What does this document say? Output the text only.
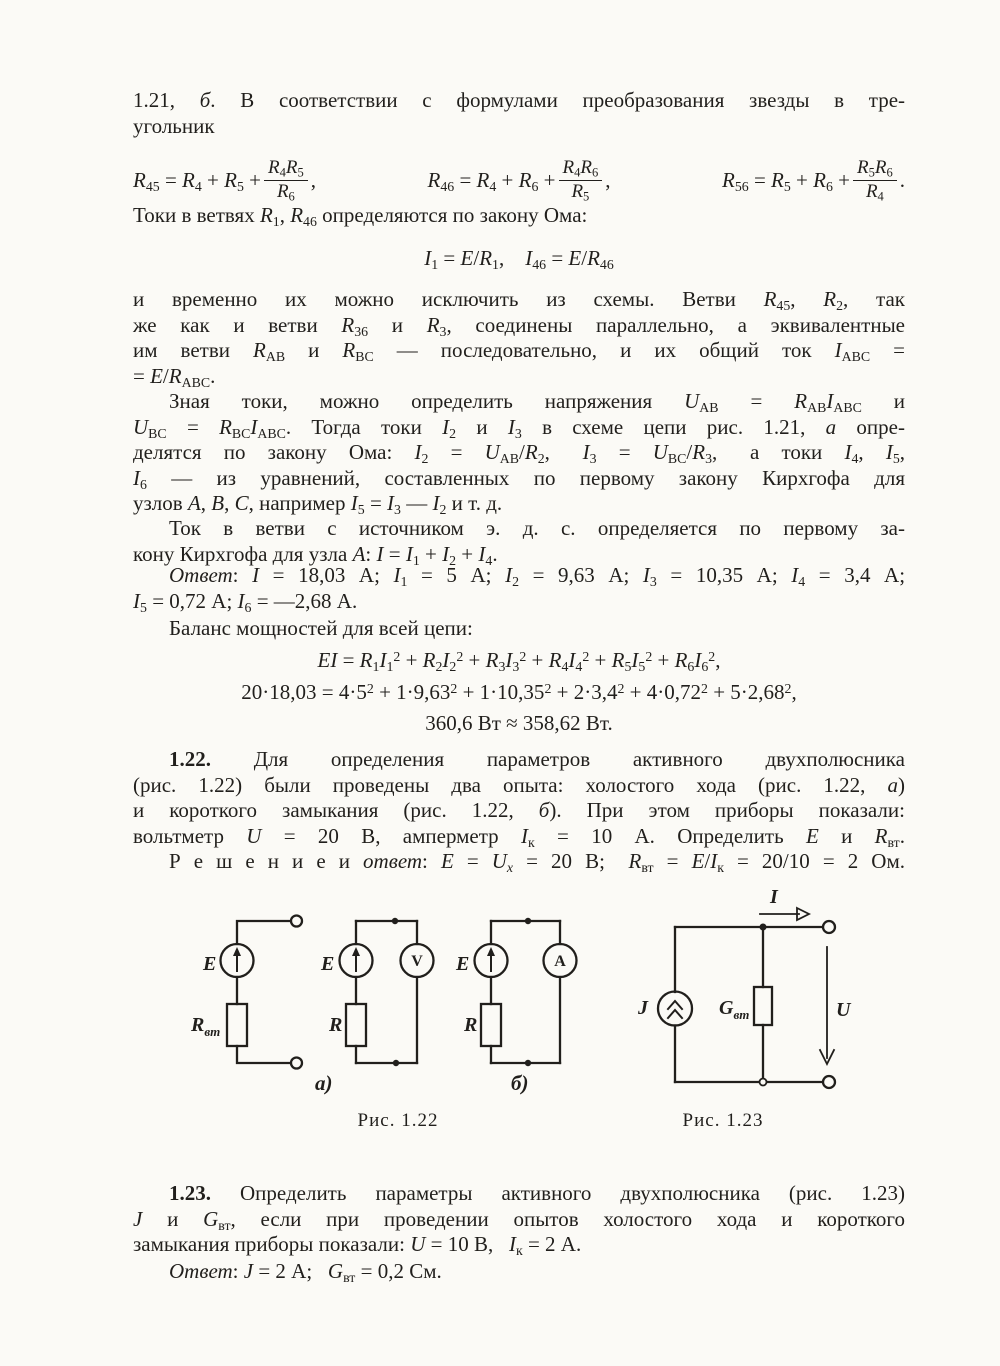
1.21, б. В соответствии с формулами преобразования звезды в тре-
угольник
$R_{45} = R_4 + R_5 + \frac{R_4R_5}{R_6}$ ,	$R_{46} = R_4 + R_6 + \frac{R_4R_6}{R_5}$ ,	$R_{56} = R_5 + R_6 + \frac{R_5R_6}{R_4}$ .
Токи в ветвях $R_1$, $R_{46}$ определяются по закону Ома:
$I_1 = E/R_1$, $I_{46} = E/R_{46}$
и временно их можно исключить из схемы. Ветви $R_{45}$, $R_2$, так
же как и ветви $R_{36}$ и $R_3$, соединены параллельно, а эквивалентные
им ветви $R_{AB}$ и $R_{BC}$ — последовательно, и их общий ток $I_{ABC}$ =
= $E/R_{ABC}$.
Зная токи, можно определить напряжения $U_{AB} = R_{AB}I_{ABC}$ и
$U_{BC} = R_{BC}I_{ABC}$. Тогда токи $I_2$ и $I_3$ в схеме цепи рис. 1.21, а опре-
делятся по закону Ома: $I_2 = U_{AB}/R_2$,  $I_3 = U_{BC}/R_3$,  а токи $I_4$, $I_5$,
$I_6$ — из уравнений, составленных по первому закону Кирхгофа для
узлов A, B, C, например $I_5 = I_3$ — $I_2$ и т. д.
Ток в ветви с источником э. д. с. определяется по первому за-
кону Кирхгофа для узла A: $I = I_1 + I_2 + I_4$.
Ответ: I = 18,03 А; $I_1 = 5$ А; $I_2 = 9,63$ А; $I_3 = 10,35$ А; $I_4 = 3,4$ А;
$I_5 = 0,72$ А; $I_6$ = —2,68 А.
Баланс мощностей для всей цепи:
EI = $R_1I_1^2 + R_2I_2^2 + R_3I_3^2 + R_4I_4^2 + R_5I_5^2 + R_6I_6^2$,
$20\cdot 18,03 = 4\cdot 5^2 + 1\cdot 9,63^2 + 1\cdot 10,35^2 + 2\cdot 3,4^2 + 4\cdot 0,72^2 + 5\cdot 2,68^2$,
360,6 Вт ≈ 358,62 Вт.
1.22. Для определения параметров активного двухполюсника
(рис. 1.22) были проведены два опыта: холостого хода (рис. 1.22, а)
и короткого замыкания (рис. 1.22, б). При этом приборы показали:
вольтметр U = 20 В, амперметр $I_к = 10$ А. Определить E и $R_{вт}$.
Р е ш е н и е и ответ: $E = U_x = 20$ В;  $R_{вт} = E/I_к = 20/10 = 2$ Ом.
E
$R_{вт}$
E
R
V
а)
E
R
A
б)
J	$G_{вт}$
I
U
Рис. 1.22	Рис. 1.23
1.23. Определить параметры активного двухполюсника (рис. 1.23)
J и $G_{вт}$, если при проведении опытов холостого хода и короткого
замыкания приборы показали: U = 10 В,  $I_к = 2$ А.
Ответ: J = 2 А;  $G_{вт} = 0,2$ См.
